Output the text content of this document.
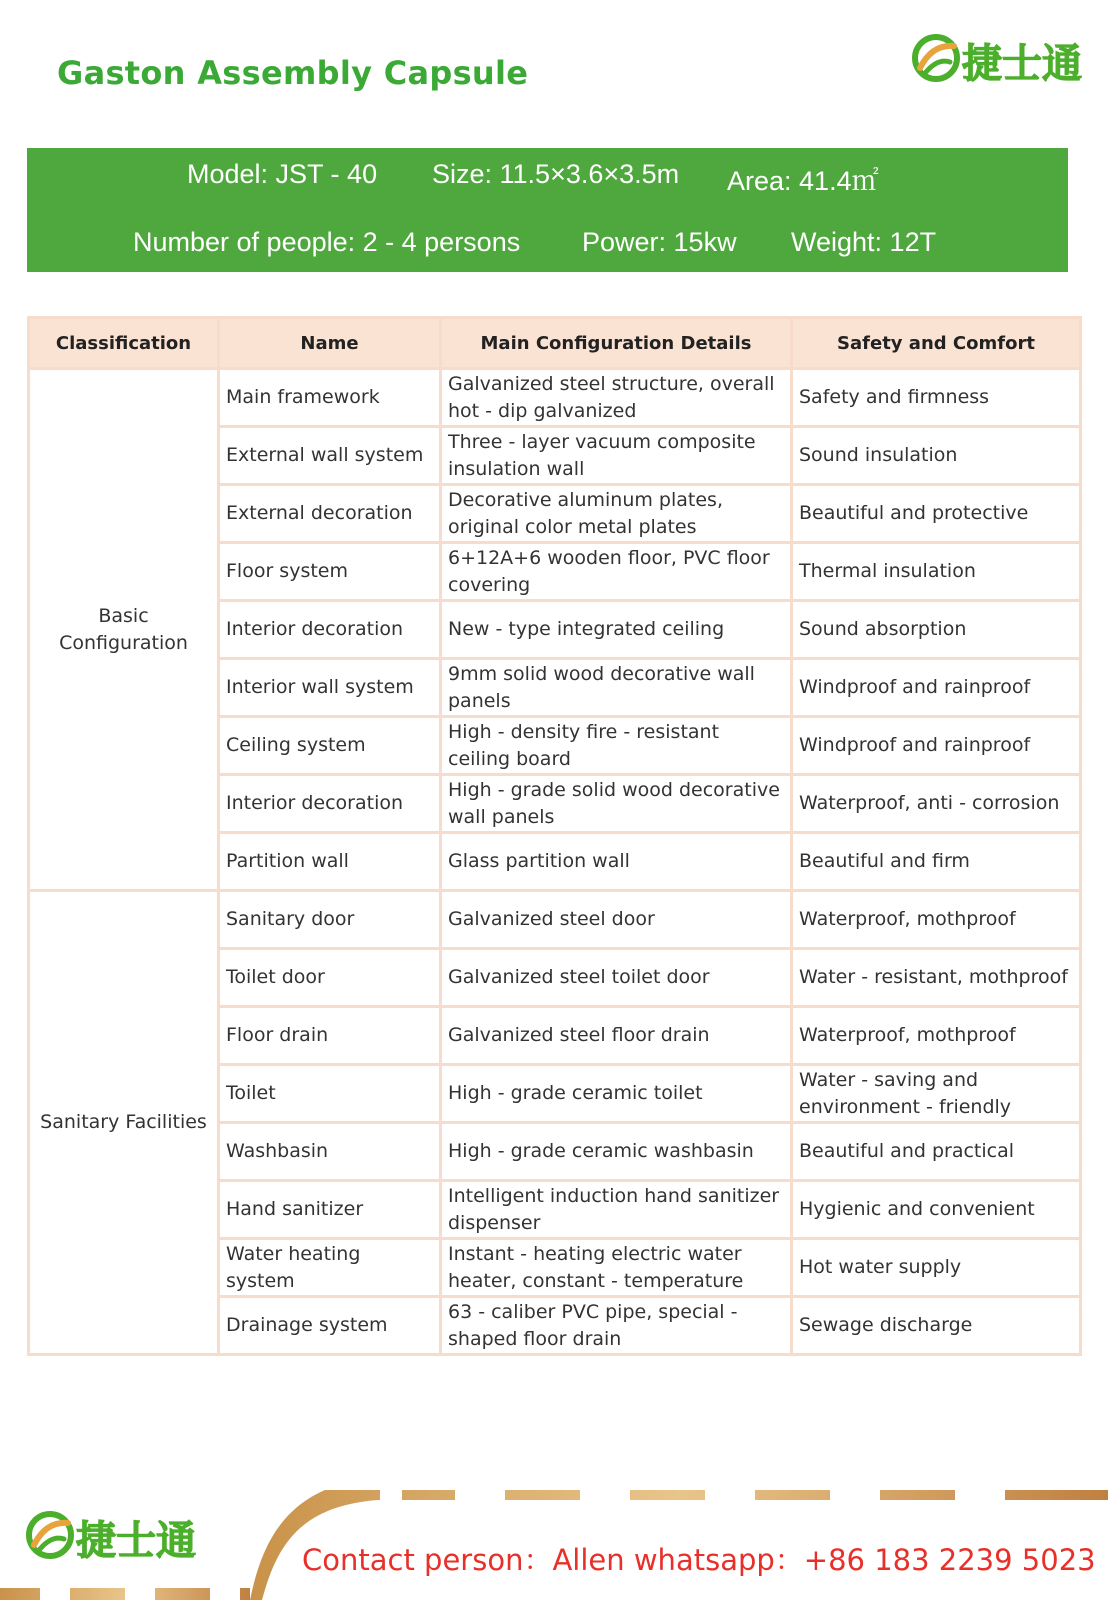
Gaston Assembly Capsule	捷士通
Model: JST - 40 Size: 11.5×3.6×3.5m Area: 41.4㎡
Number of people: 2 - 4 persons Power: 15kw Weight: 12T
Classification	Name	Main Configuration Details	Safety and Comfort
Basic
Configuration	Main framework	Galvanized steel structure, overall hot - dip galvanized	Safety and firmness
	External wall system	Three - layer vacuum composite insulation wall	Sound insulation
	External decoration	Decorative aluminum plates, original color metal plates	Beautiful and protective
	Floor system	6+12A+6 wooden floor, PVC floor covering	Thermal insulation
	Interior decoration	New - type integrated ceiling	Sound absorption
	Interior wall system	9mm solid wood decorative wall panels	Windproof and rainproof
	Ceiling system	High - density fire - resistant ceiling board	Windproof and rainproof
	Interior decoration	High - grade solid wood decorative wall panels	Waterproof, anti - corrosion
	Partition wall	Glass partition wall	Beautiful and firm
Sanitary Facilities	Sanitary door	Galvanized steel door	Waterproof, mothproof
	Toilet door	Galvanized steel toilet door	Water - resistant, mothproof
	Floor drain	Galvanized steel floor drain	Waterproof, mothproof
	Toilet	High - grade ceramic toilet	Water - saving and environment - friendly
	Washbasin	High - grade ceramic washbasin	Beautiful and practical
	Hand sanitizer	Intelligent induction hand sanitizer dispenser	Hygienic and convenient
	Water heating system	Instant - heating electric water heater, constant - temperature	Hot water supply
	Drainage system	63 - caliber PVC pipe, special - shaped floor drain	Sewage discharge
捷士通	Contact person：Allen whatsapp：+86 183 2239 5023
